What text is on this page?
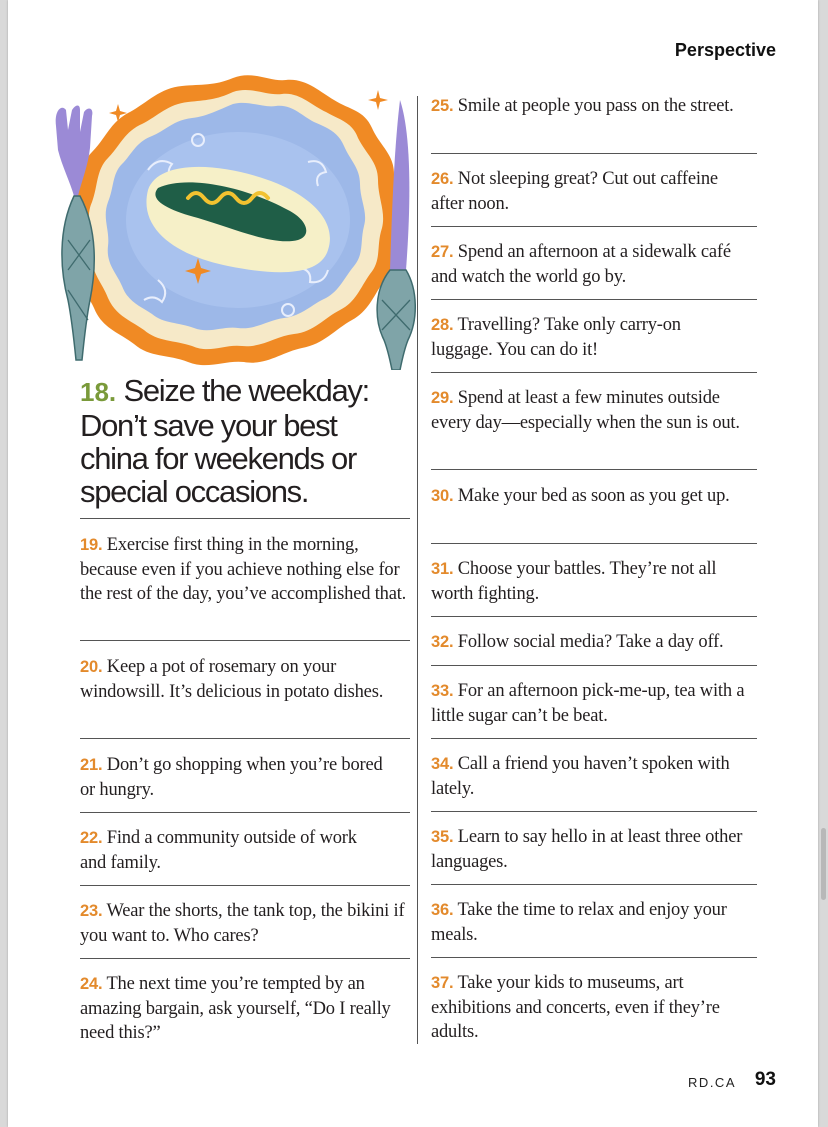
Perspective
18. Seize the weekday: Don’t save your best china for weekends or special occasions.
19. Exercise first thing in the morning, because even if you achieve nothing else for the rest of the day, you’ve accomplished that.
20. Keep a pot of rosemary on your windowsill. It’s delicious in potato dishes.
21. Don’t go shopping when you’re bored or hungry.
22. Find a community outside of work and family.
23. Wear the shorts, the tank top, the bikini if you want to. Who cares?
24. The next time you’re tempted by an amazing bargain, ask yourself, “Do I really need this?”
25. Smile at people you pass on the street.
26. Not sleeping great? Cut out caffeine after noon.
27. Spend an afternoon at a sidewalk café and watch the world go by.
28. Travelling? Take only carry-on luggage. You can do it!
29. Spend at least a few minutes outside every day—especially when the sun is out.
30. Make your bed as soon as you get up.
31. Choose your battles. They’re not all worth fighting.
32. Follow social media? Take a day off.
33. For an afternoon pick-me-up, tea with a little sugar can’t be beat.
34. Call a friend you haven’t spoken with lately.
35. Learn to say hello in at least three other languages.
36. Take the time to relax and enjoy your meals.
37. Take your kids to museums, art exhibitions and concerts, even if they’re adults.
RD.CA 93
